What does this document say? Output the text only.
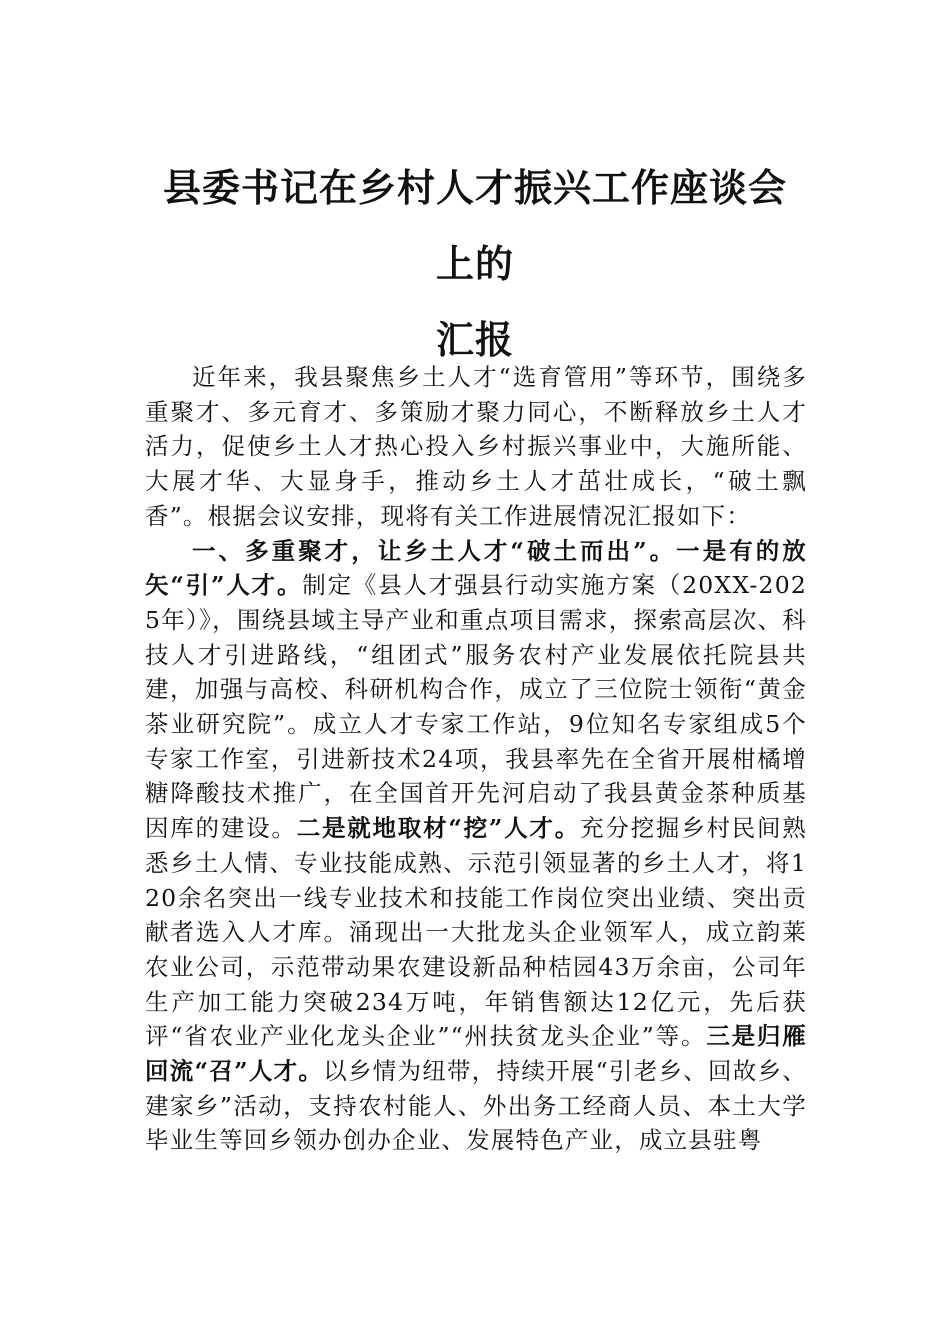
县委书记在乡村人才振兴工作座谈会上的
汇报

近年来，我县聚焦乡土人才“选育管用”等环节，围绕多重聚才、多元育才、多策励才聚力同心，不断释放乡土人才活力，促使乡土人才热心投入乡村振兴事业中，大施所能、大展才华、大显身手，推动乡土人才茁壮成长，“破土飘香”。根据会议安排，现将有关工作进展情况汇报如下：

一、多重聚才，让乡土人才“破土而出”。一是有的放矢“引”人才。制定《县人才强县行动实施方案（20XX-2025年）》，围绕县域主导产业和重点项目需求，探索高层次、科技人才引进路线，“组团式”服务农村产业发展依托院县共建，加强与高校、科研机构合作，成立了三位院士领衔“黄金茶业研究院”。成立人才专家工作站，9位知名专家组成5个专家工作室，引进新技术24项，我县率先在全省开展柑橘增糖降酸技术推广，在全国首开先河启动了我县黄金茶种质基因库的建设。二是就地取材“挖”人才。充分挖掘乡村民间熟悉乡土人情、专业技能成熟、示范引领显著的乡土人才，将120余名突出一线专业技术和技能工作岗位突出业绩、突出贡献者选入人才库。涌现出一大批龙头企业领军人，成立韵莱农业公司，示范带动果农建设新品种桔园43万余亩，公司年生产加工能力突破234万吨，年销售额达12亿元，先后获评“省农业产业化龙头企业”“州扶贫龙头企业”等。三是归雁回流“召”人才。以乡情为纽带，持续开展“引老乡、回故乡、建家乡”活动，支持农村能人、外出务工经商人员、本土大学毕业生等回乡领办创办企业、发展特色产业，成立县驻粤
